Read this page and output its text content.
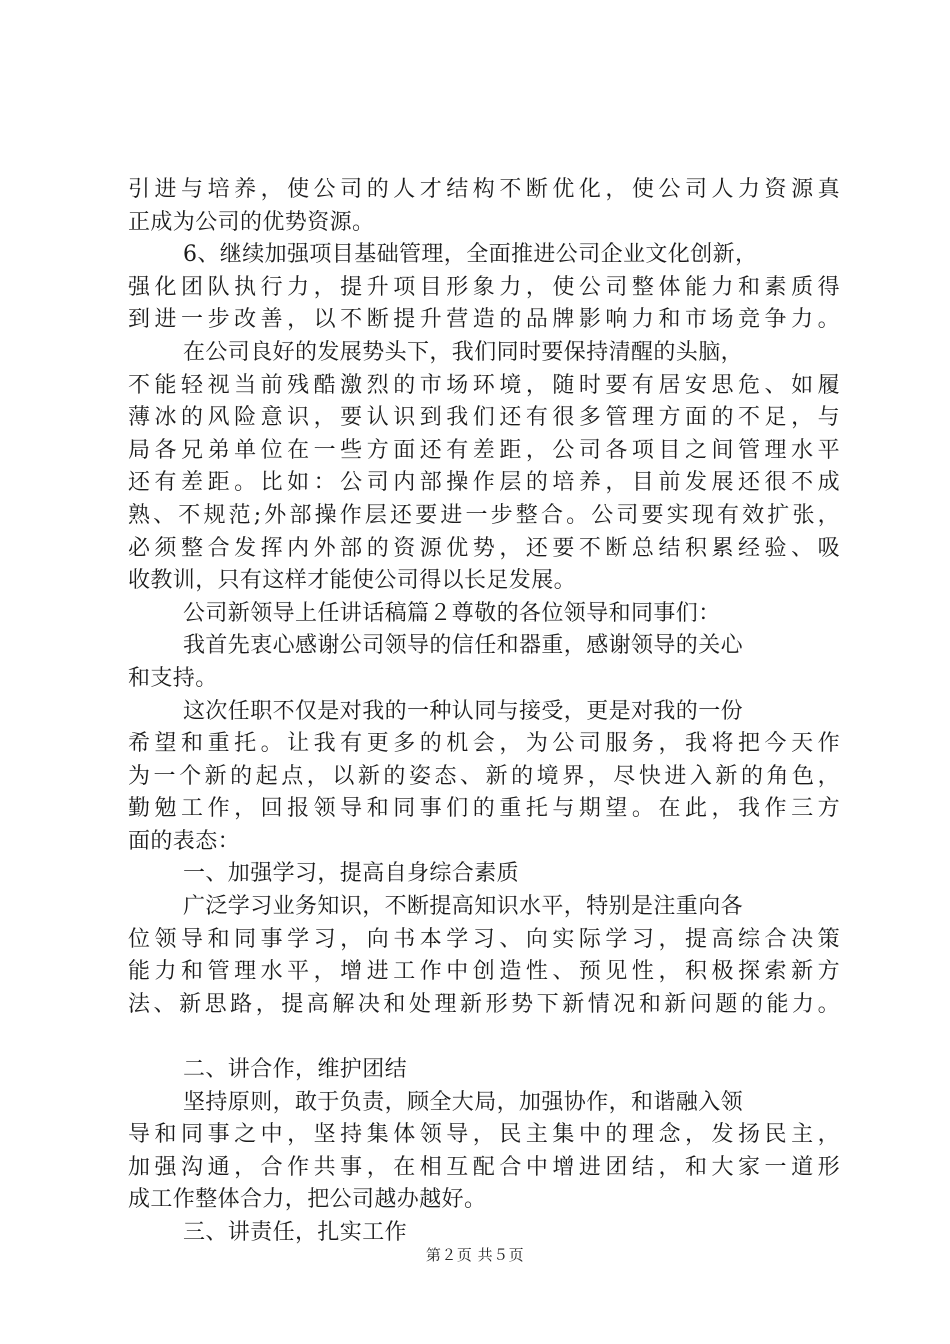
引进与培养，使公司的人才结构不断优化，使公司人力资源真
正成为公司的优势资源。
6、继续加强项目基础管理，全面推进公司企业文化创新，
强化团队执行力，提升项目形象力，使公司整体能力和素质得
到进一步改善，以不断提升营造的品牌影响力和市场竞争力。
在公司良好的发展势头下，我们同时要保持清醒的头脑，
不能轻视当前残酷激烈的市场环境，随时要有居安思危、如履
薄冰的风险意识，要认识到我们还有很多管理方面的不足，与
局各兄弟单位在一些方面还有差距，公司各项目之间管理水平
还有差距。比如：公司内部操作层的培养，目前发展还很不成
熟、不规范;外部操作层还要进一步整合。公司要实现有效扩张，
必须整合发挥内外部的资源优势，还要不断总结积累经验、吸
收教训，只有这样才能使公司得以长足发展。
公司新领导上任讲话稿篇２尊敬的各位领导和同事们：
我首先衷心感谢公司领导的信任和器重，感谢领导的关心
和支持。
这次任职不仅是对我的一种认同与接受，更是对我的一份
希望和重托。让我有更多的机会，为公司服务，我将把今天作
为一个新的起点，以新的姿态、新的境界，尽快进入新的角色，
勤勉工作，回报领导和同事们的重托与期望。在此，我作三方
面的表态：
一、加强学习，提高自身综合素质
广泛学习业务知识，不断提高知识水平，特别是注重向各
位领导和同事学习，向书本学习、向实际学习，提高综合决策
能力和管理水平，增进工作中创造性、预见性，积极探索新方
法、新思路，提高解决和处理新形势下新情况和新问题的能力。
二、讲合作，维护团结
坚持原则，敢于负责，顾全大局，加强协作，和谐融入领
导和同事之中，坚持集体领导，民主集中的理念，发扬民主，
加强沟通，合作共事，在相互配合中增进团结，和大家一道形
成工作整体合力，把公司越办越好。
三、讲责任，扎实工作
第２页 共５页
